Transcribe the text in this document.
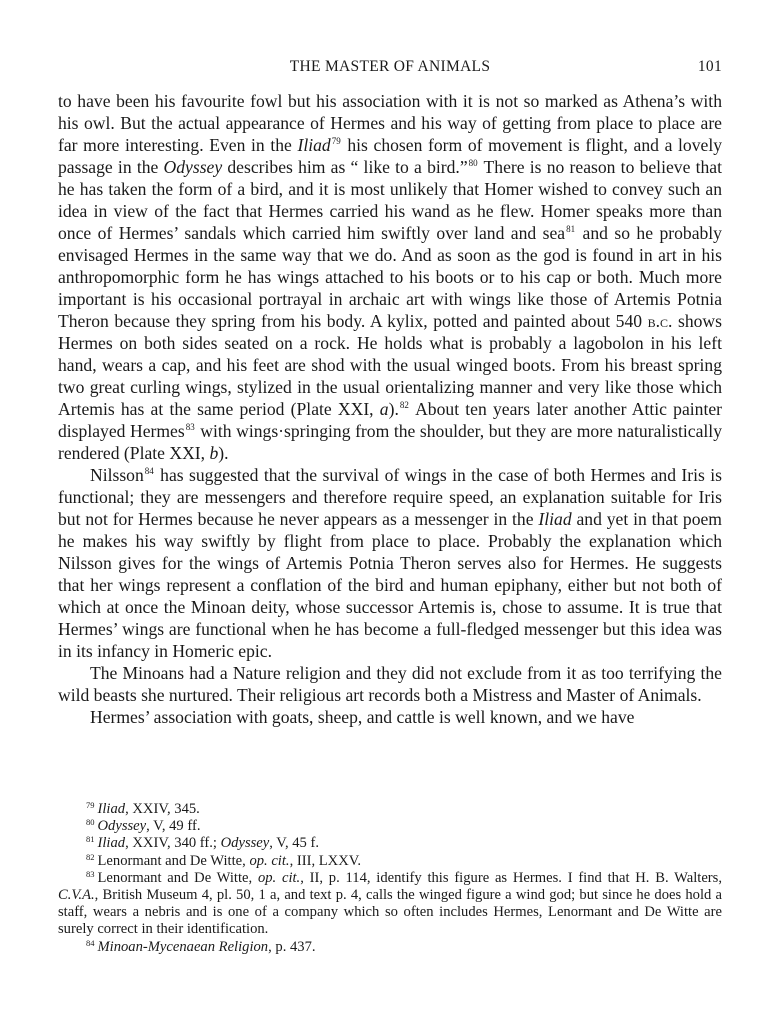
THE MASTER OF ANIMALS	101

to have been his favourite fowl but his association with it is not so marked as Athena’s with his owl. But the actual appearance of Hermes and his way of getting from place to place are far more interesting. Even in the Iliad$^{79}$ his chosen form of movement is flight, and a lovely passage in the Odyssey describes him as “ like to a bird.”$^{80}$ There is no reason to believe that he has taken the form of a bird, and it is most unlikely that Homer wished to convey such an idea in view of the fact that Hermes carried his wand as he flew. Homer speaks more than once of Hermes’ sandals which carried him swiftly over land and sea$^{81}$ and so he probably envisaged Hermes in the same way that we do. And as soon as the god is found in art in his anthropomorphic form he has wings attached to his boots or to his cap or both. Much more important is his occasional portrayal in archaic art with wings like those of Artemis Potnia Theron because they spring from his body. A kylix, potted and painted about 540 b.c. shows Hermes on both sides seated on a rock. He holds what is probably a lagobolon in his left hand, wears a cap, and his feet are shod with the usual winged boots. From his breast spring two great curling wings, stylized in the usual orientalizing manner and very like those which Artemis has at the same period (Plate XXI, a).$^{82}$ About ten years later another Attic painter displayed Hermes$^{83}$ with wings·springing from the shoulder, but they are more naturalistically rendered (Plate XXI, b).

Nilsson$^{84}$ has suggested that the survival of wings in the case of both Hermes and Iris is functional; they are messengers and therefore require speed, an explanation suitable for Iris but not for Hermes because he never appears as a messenger in the Iliad and yet in that poem he makes his way swiftly by flight from place to place. Probably the explanation which Nilsson gives for the wings of Artemis Potnia Theron serves also for Hermes. He suggests that her wings represent a conflation of the bird and human epiphany, either but not both of which at once the Minoan deity, whose successor Artemis is, chose to assume. It is true that Hermes’ wings are functional when he has become a full-fledged messenger but this idea was in its infancy in Homeric epic.

The Minoans had a Nature religion and they did not exclude from it as too terrifying the wild beasts she nurtured. Their religious art records both a Mistress and Master of Animals.

Hermes’ association with goats, sheep, and cattle is well known, and we have

$^{79}$ Iliad, XXIV, 345.

$^{80}$ Odyssey, V, 49 ff.

$^{81}$ Iliad, XXIV, 340 ff.; Odyssey, V, 45 f.

$^{82}$ Lenormant and De Witte, op. cit., III, LXXV.

$^{83}$ Lenormant and De Witte, op. cit., II, p. 114, identify this figure as Hermes. I find that H. B. Walters, C.V.A., British Museum 4, pl. 50, 1 a, and text p. 4, calls the winged figure a wind god; but since he does hold a staff, wears a nebris and is one of a company which so often includes Hermes, Lenormant and De Witte are surely correct in their identification.

$^{84}$ Minoan-Mycenaean Religion, p. 437.
